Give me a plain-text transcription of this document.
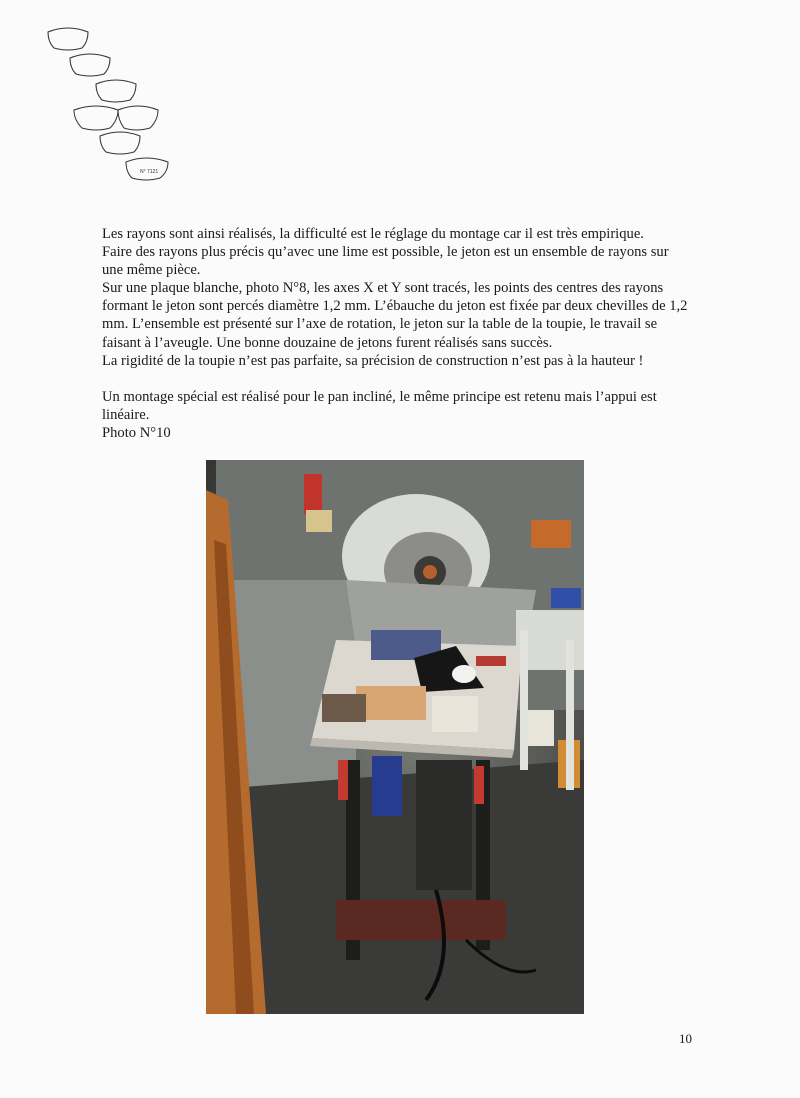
N° 7121

Les rayons sont ainsi réalisés, la difficulté est le réglage du montage car il est très empirique.

Faire des rayons plus précis qu’avec une lime est possible, le jeton est un ensemble de rayons sur une même pièce.

Sur une plaque blanche, photo N°8, les axes X et Y sont tracés, les points des centres des rayons formant le jeton sont percés diamètre 1,2 mm. L’ébauche du jeton est fixée par deux chevilles de 1,2 mm. L’ensemble est présenté sur l’axe de rotation, le jeton sur la table de la toupie, le travail se faisant à l’aveugle. Une bonne douzaine de jetons furent réalisés sans succès.

La rigidité de la toupie n’est pas parfaite, sa précision de construction n’est pas à la hauteur !

Un montage spécial est réalisé pour le pan incliné, le même principe est retenu mais l’appui est linéaire.

Photo N°10

10
